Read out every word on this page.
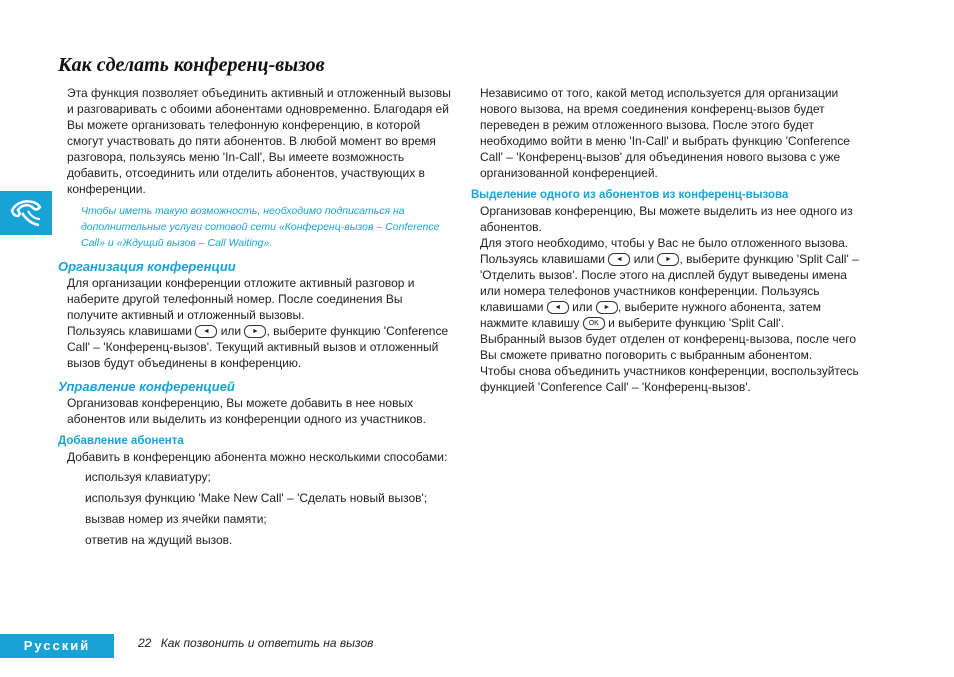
Как сделать конференц-вызов

Эта функция позволяет объединить активный и отложенный вызовы и разговаривать с обоими абонентами одновременно. Благодаря ей Вы можете организовать телефонную конференцию, в которой смогут участвовать до пяти абонентов. В любой момент во время разговора, пользуясь меню 'In-Call', Вы имеете возможность добавить, отсоединить или отделить абонентов, участвующих в конференции.

Чтобы иметь такую возможность, необходимо подписаться на дополнительные услуги сотовой сети «Конференц-вызов – Conference Call» и «Ждущий вызов – Call Waiting».

Организация конференции

Для организации конференции отложите активный разговор и наберите другой телефонный номер. После соединения Вы получите активный и отложенный вызовы.

Пользуясь клавишами ◄ или ► , выберите функцию 'Conference Call' – 'Конференц-вызов'. Текущий активный вызов и отложенный вызов будут объединены в конференцию.

Управление конференцией

Организовав конференцию, Вы можете добавить в нее новых абонентов или выделить из конференции одного из участников.

Добавление абонента

Добавить в конференцию абонента можно несколькими способами:

используя клавиатуру;

используя функцию 'Make New Call' – 'Сделать новый вызов';

вызвав номер из ячейки памяти;

ответив на ждущий вызов.

Независимо от того, какой метод используется для организации нового вызова, на время соединения конференц-вызов будет переведен в режим отложенного вызова. После этого будет необходимо войти в меню 'In-Call' и выбрать функцию 'Conference Call' – 'Конференц-вызов' для объединения нового вызова с уже организованной конференцией.

Выделение одного из абонентов из конференц-вызова

Организовав конференцию, Вы можете выделить из нее одного из абонентов.

Для этого необходимо, чтобы у Вас не было отложенного вызова.

Пользуясь клавишами ◄ или ► , выберите функцию 'Split Call' – 'Отделить вызов'. После этого на дисплей будут выведены имена или номера телефонов участников конференции. Пользуясь клавишами ◄ или ► , выберите нужного абонента, затем нажмите клавишу OK и выберите функцию 'Split Call'.

Выбранный вызов будет отделен от конференц-вызова, после чего Вы сможете приватно поговорить с выбранным абонентом.

Чтобы снова объединить участников конференции, воспользуйтесь функцией 'Conference Call' – 'Конференц-вызов'.

Русский	22 Как позвонить и ответить на вызов
